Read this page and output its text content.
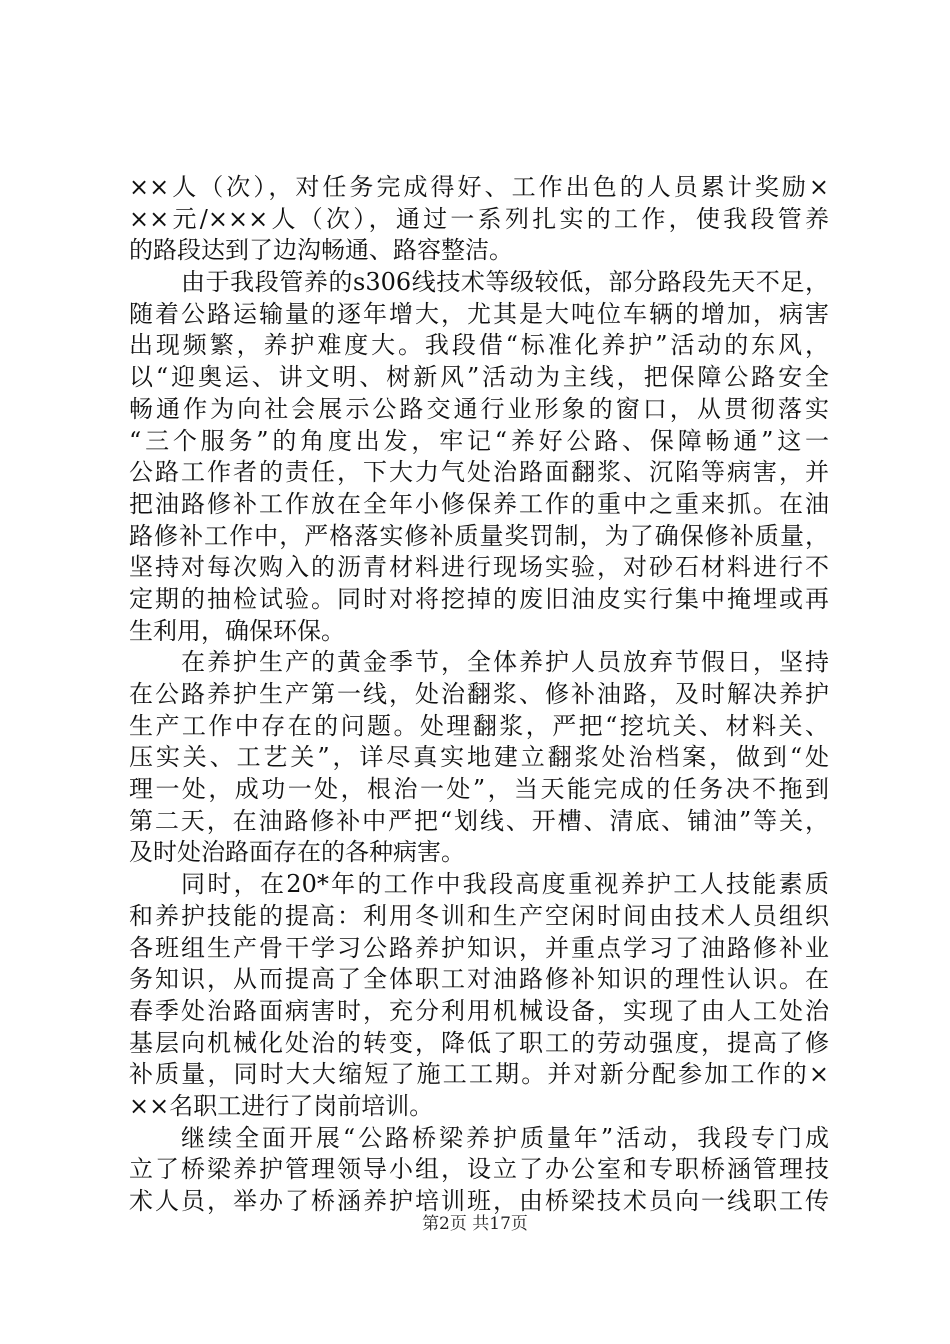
××人（次），对任务完成得好、工作出色的人员累计奖励×
××元/×××人（次），通过一系列扎实的工作，使我段管养
的路段达到了边沟畅通、路容整洁。
由于我段管养的s306线技术等级较低，部分路段先天不足，
随着公路运输量的逐年增大，尤其是大吨位车辆的增加，病害
出现频繁，养护难度大。我段借“标准化养护”活动的东风，
以“迎奥运、讲文明、树新风”活动为主线，把保障公路安全
畅通作为向社会展示公路交通行业形象的窗口，从贯彻落实
“三个服务”的角度出发，牢记“养好公路、保障畅通”这一
公路工作者的责任，下大力气处治路面翻浆、沉陷等病害，并
把油路修补工作放在全年小修保养工作的重中之重来抓。在油
路修补工作中，严格落实修补质量奖罚制，为了确保修补质量，
坚持对每次购入的沥青材料进行现场实验，对砂石材料进行不
定期的抽检试验。同时对将挖掉的废旧油皮实行集中掩埋或再
生利用，确保环保。
在养护生产的黄金季节，全体养护人员放弃节假日，坚持
在公路养护生产第一线，处治翻浆、修补油路，及时解决养护
生产工作中存在的问题。处理翻浆，严把“挖坑关、材料关、
压实关、工艺关”，详尽真实地建立翻浆处治档案，做到“处
理一处，成功一处，根治一处”，当天能完成的任务决不拖到
第二天，在油路修补中严把“划线、开槽、清底、铺油”等关，
及时处治路面存在的各种病害。
同时，在20*年的工作中我段高度重视养护工人技能素质
和养护技能的提高：利用冬训和生产空闲时间由技术人员组织
各班组生产骨干学习公路养护知识，并重点学习了油路修补业
务知识，从而提高了全体职工对油路修补知识的理性认识。在
春季处治路面病害时，充分利用机械设备，实现了由人工处治
基层向机械化处治的转变，降低了职工的劳动强度，提高了修
补质量，同时大大缩短了施工工期。并对新分配参加工作的×
××名职工进行了岗前培训。
继续全面开展“公路桥梁养护质量年”活动，我段专门成
立了桥梁养护管理领导小组，设立了办公室和专职桥涵管理技
术人员，举办了桥涵养护培训班，由桥梁技术员向一线职工传
第2页 共17页
